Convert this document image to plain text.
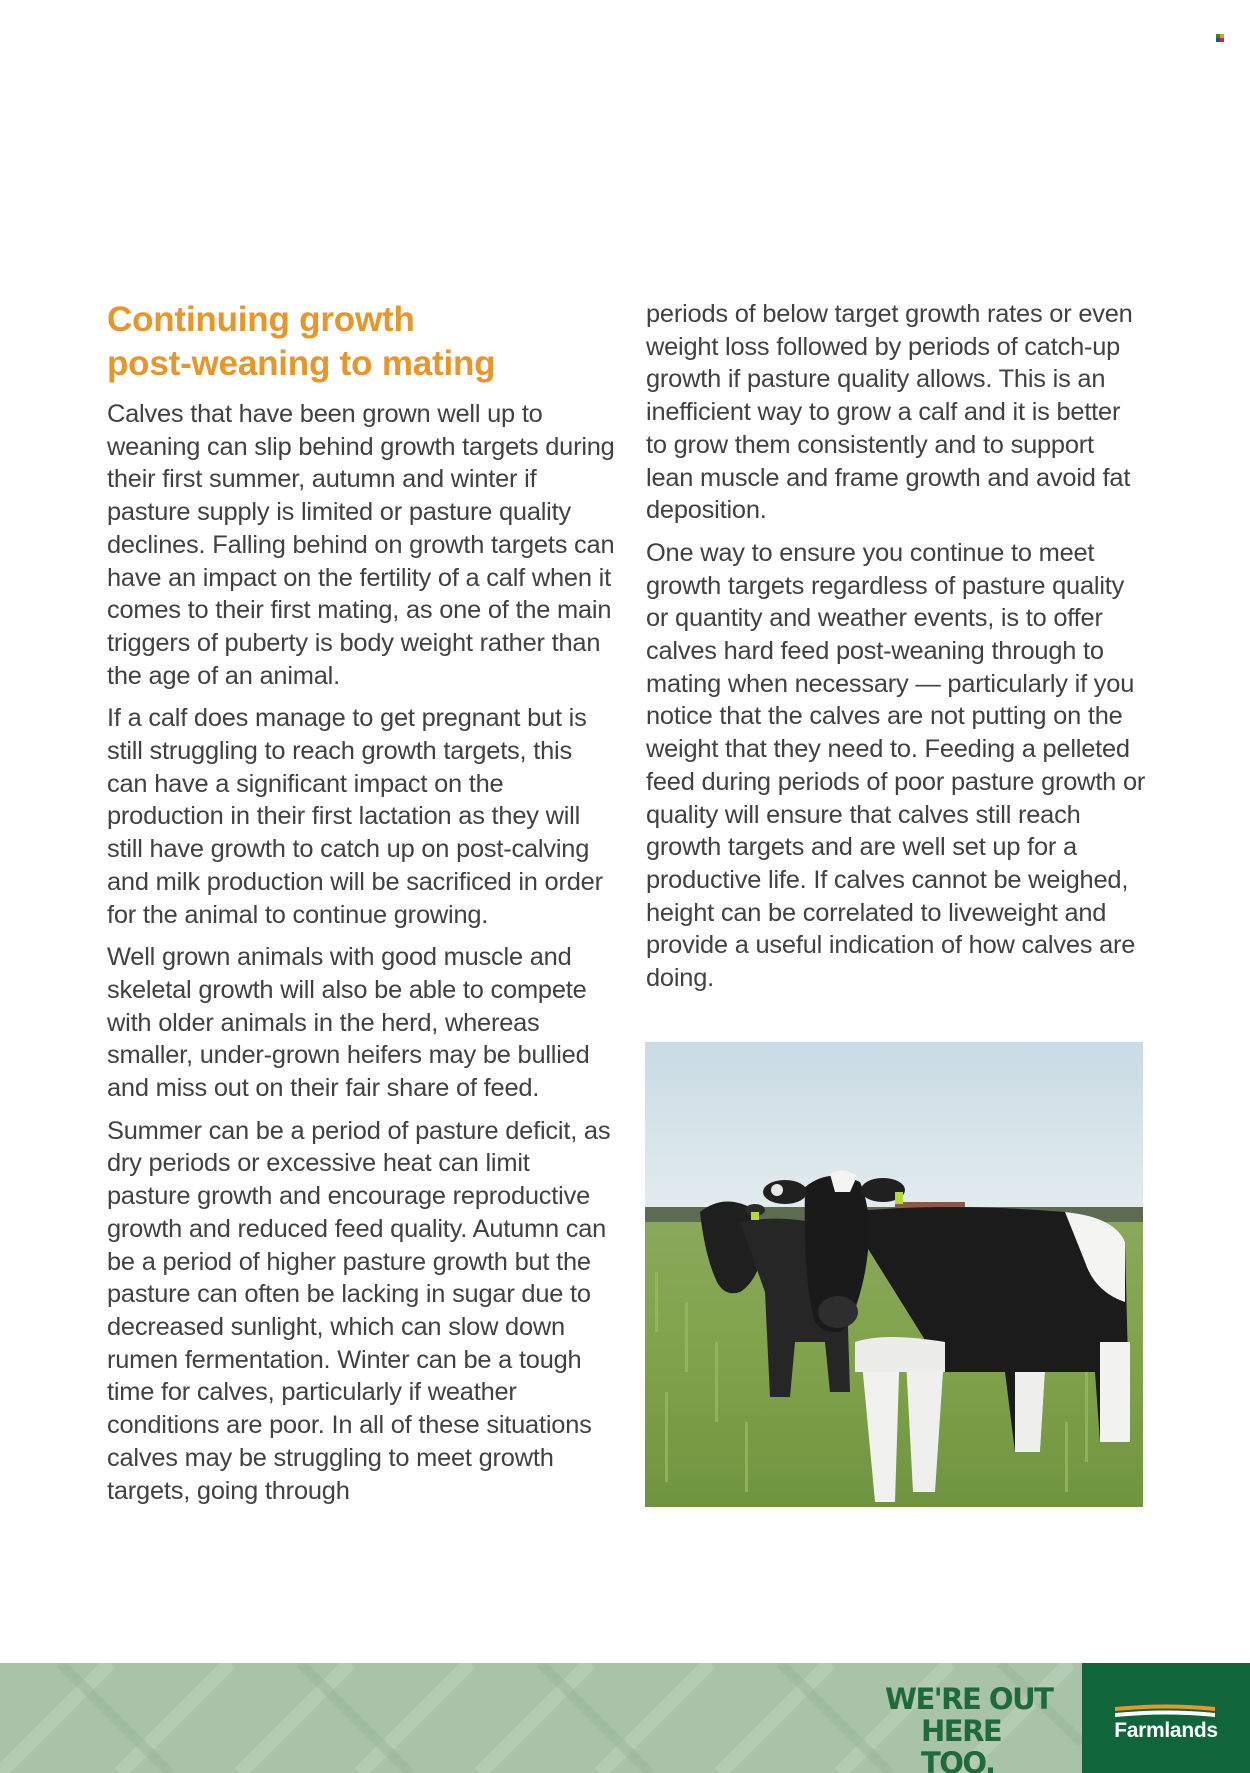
Continuing growth
post-weaning to mating

Calves that have been grown well up to weaning can slip behind growth targets during their first summer, autumn and winter if pasture supply is limited or pasture quality declines. Falling behind on growth targets can have an impact on the fertility of a calf when it comes to their first mating, as one of the main triggers of puberty is body weight rather than the age of an animal.

If a calf does manage to get pregnant but is still struggling to reach growth targets, this can have a significant impact on the production in their first lactation as they will still have growth to catch up on post-calving and milk production will be sacrificed in order for the animal to continue growing.

Well grown animals with good muscle and skeletal growth will also be able to compete with older animals in the herd, whereas smaller, under-grown heifers may be bullied and miss out on their fair share of feed.

Summer can be a period of pasture deficit, as dry periods or excessive heat can limit pasture growth and encourage reproductive growth and reduced feed quality. Autumn can be a period of higher pasture growth but the pasture can often be lacking in sugar due to decreased sunlight, which can slow down rumen fermentation. Winter can be a tough time for calves, particularly if weather conditions are poor. In all of these situations calves may be struggling to meet growth targets, going through

periods of below target growth rates or even weight loss followed by periods of catch-up growth if pasture quality allows. This is an inefficient way to grow a calf and it is better to grow them consistently and to support lean muscle and frame growth and avoid fat deposition.

One way to ensure you continue to meet growth targets regardless of pasture quality or quantity and weather events, is to offer calves hard feed post-weaning through to mating when necessary — particularly if you notice that the calves are not putting on the weight that they need to. Feeding a pelleted feed during periods of poor pasture growth or quality will ensure that calves still reach growth targets and are well set up for a productive life. If calves cannot be weighed, height can be correlated to liveweight and provide a useful indication of how calves are doing.

WE'RE OUT
HERE TOO.
Farmlands
